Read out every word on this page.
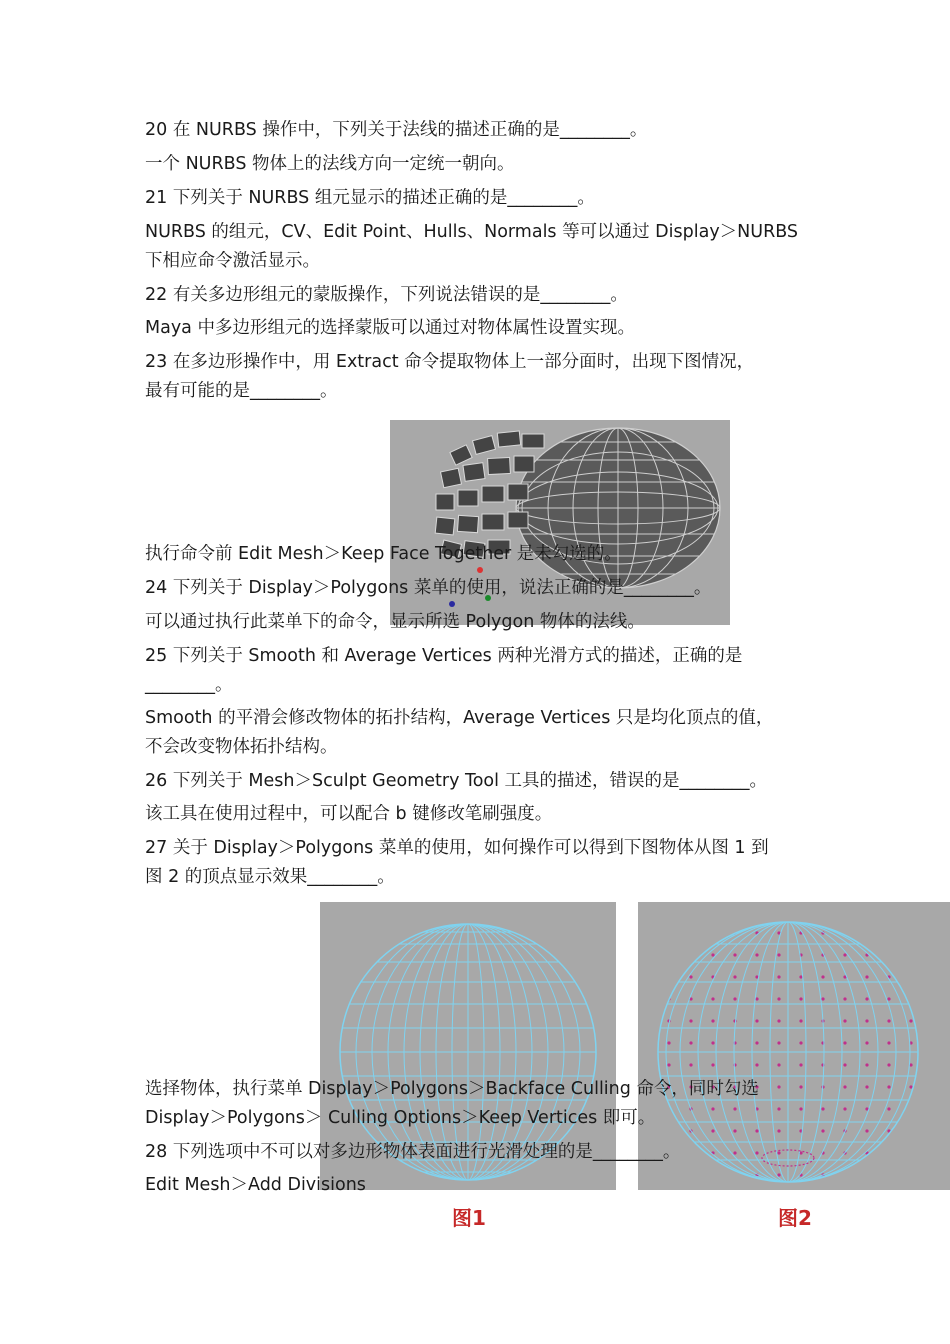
图1	图2

20 在 NURBS 操作中，下列关于法线的描述正确的是________。

一个 NURBS 物体上的法线方向一定统一朝向。

21 下列关于 NURBS 组元显示的描述正确的是________。

NURBS 的组元，CV、Edit Point、Hulls、Normals 等可以通过 Display＞NURBS

下相应命令激活显示。

22 有关多边形组元的蒙版操作，下列说法错误的是________。

Maya 中多边形组元的选择蒙版可以通过对物体属性设置实现。

23 在多边形操作中，用 Extract 命令提取物体上一部分面时，出现下图情况，

最有可能的是________。

执行命令前 Edit Mesh＞Keep Face Together 是未勾选的。

24 下列关于 Display＞Polygons 菜单的使用，说法正确的是________。

可以通过执行此菜单下的命令，显示所选 Polygon 物体的法线。

25 下列关于 Smooth 和 Average Vertices 两种光滑方式的描述，正确的是

________。

Smooth 的平滑会修改物体的拓扑结构，Average Vertices 只是均化顶点的值，

不会改变物体拓扑结构。

26 下列关于 Mesh＞Sculpt Geometry Tool 工具的描述，错误的是________。

该工具在使用过程中，可以配合 b 键修改笔刷强度。

27 关于 Display＞Polygons 菜单的使用，如何操作可以得到下图物体从图 1 到

图 2 的顶点显示效果________。

选择物体，执行菜单 Display＞Polygons＞Backface Culling 命令，同时勾选

Display＞Polygons＞ Culling Options＞Keep Vertices 即可。

28 下列选项中不可以对多边形物体表面进行光滑处理的是________。

Edit Mesh＞Add Divisions
